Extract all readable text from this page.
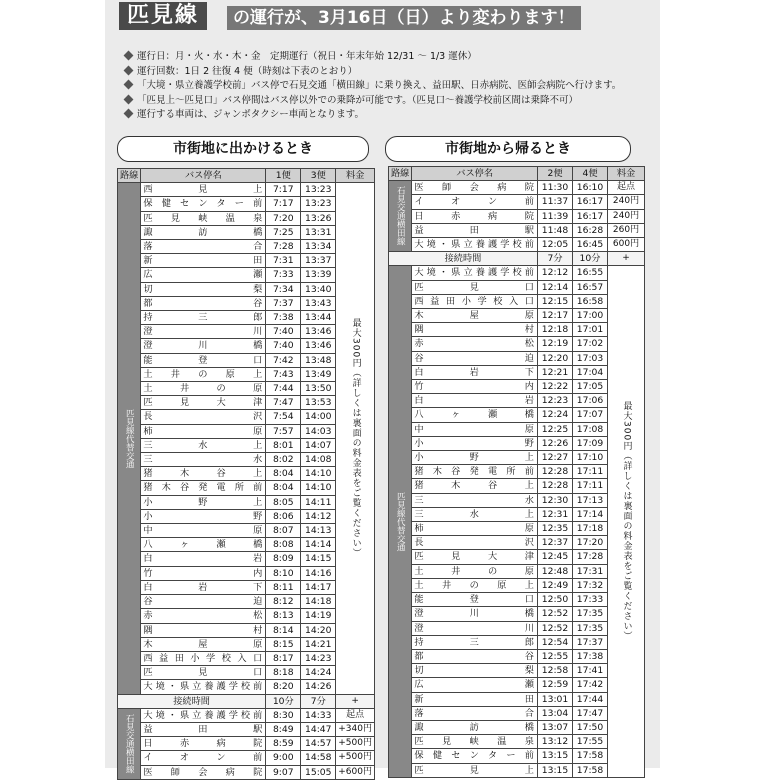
匹見線	の運行が、3月16日（日）より変わります！
運行日：月・火・水・木・金　定期運行（祝日・年末年始 12/31 ～ 1/3 運休）
運行回数：1日 2 往復 4 便（時刻は下表のとおり）
「大境・県立養護学校前」バス停で石見交通「横田線」に乗り換え、益田駅、日赤病院、医師会病院へ行けます。
「匹見上～匹見口」バス停間はバス停以外での乗降が可能です。（匹見口～養護学校前区間は乗降不可）
運行する車両は、ジャンボタクシー車両となります。
市街地に出かけるとき	市街地から帰るとき
路線	バス停名	1便	3便	料金
匹見線代替交通	西見上	7:17	13:23	最大300円（詳しくは裏面の料金表をご覧ください）
	保健センター前	7:17	13:23	
	匹見峡温泉	7:20	13:26	
	諏訪橋	7:25	13:31	
	落合	7:28	13:34	
	新田	7:31	13:37	
	広瀬	7:33	13:39	
	切梨	7:34	13:40	
	都谷	7:37	13:43	
	持三郎	7:38	13:44	
	澄川	7:40	13:46	
	澄川橋	7:40	13:46	
	能登口	7:42	13:48	
	土井の原上	7:43	13:49	
	土井の原	7:44	13:50	
	匹見大津	7:47	13:53	
	長沢	7:54	14:00	
	柿原	7:57	14:03	
	三水上	8:01	14:07	
	三水	8:02	14:08	
	猪木谷上	8:04	14:10	
	猪木谷発電所前	8:04	14:10	
	小野上	8:05	14:11	
	小野	8:06	14:12	
	中原	8:07	14:13	
	八ヶ瀬橋	8:08	14:14	
	白岩	8:09	14:15	
	竹内	8:10	14:16	
	白岩下	8:11	14:17	
	谷迫	8:12	14:18	
	赤松	8:13	14:19	
	隅村	8:14	14:20	
	木屋原	8:15	14:21	
	西益田小学校入口	8:17	14:23	
	匹見口	8:18	14:24	
	大境・県立養護学校前	8:20	14:26	
接続時間		10分	7分	+
石見交通横田線	大境・県立養護学校前	8:30	14:33	起点
	益田駅	8:49	14:47	+340円
	日赤病院	8:59	14:57	+500円
	イオン前	9:00	14:58	+500円
	医師会病院	9:07	15:05	+600円
路線	バス停名	2便	4便	料金
石見交通横田線	医師会病院	11:30	16:10	起点
	イオン前	11:37	16:17	240円
	日赤病院	11:39	16:17	240円
	益田駅	11:48	16:28	260円
	大境・県立養護学校前	12:05	16:45	600円
接続時間		7分	10分	+
匹見線代替交通	大境・県立養護学校前	12:12	16:55	最大300円（詳しくは裏面の料金表をご覧ください）
	匹見口	12:14	16:57	
	西益田小学校入口	12:15	16:58	
	木屋原	12:17	17:00	
	隅村	12:18	17:01	
	赤松	12:19	17:02	
	谷迫	12:20	17:03	
	白岩下	12:21	17:04	
	竹内	12:22	17:05	
	白岩	12:23	17:06	
	八ヶ瀬橋	12:24	17:07	
	中原	12:25	17:08	
	小野	12:26	17:09	
	小野上	12:27	17:10	
	猪木谷発電所前	12:28	17:11	
	猪木谷上	12:28	17:11	
	三水	12:30	17:13	
	三水上	12:31	17:14	
	柿原	12:35	17:18	
	長沢	12:37	17:20	
	匹見大津	12:45	17:28	
	土井の原	12:48	17:31	
	土井の原上	12:49	17:32	
	能登口	12:50	17:33	
	澄川橋	12:52	17:35	
	澄川	12:52	17:35	
	持三郎	12:54	17:37	
	都谷	12:55	17:38	
	切梨	12:58	17:41	
	広瀬	12:59	17:42	
	新田	13:01	17:44	
	落合	13:04	17:47	
	諏訪橋	13:07	17:50	
	匹見峡温泉	13:12	17:55	
	保健センター前	13:15	17:58	
	匹見上	13:15	17:58	
